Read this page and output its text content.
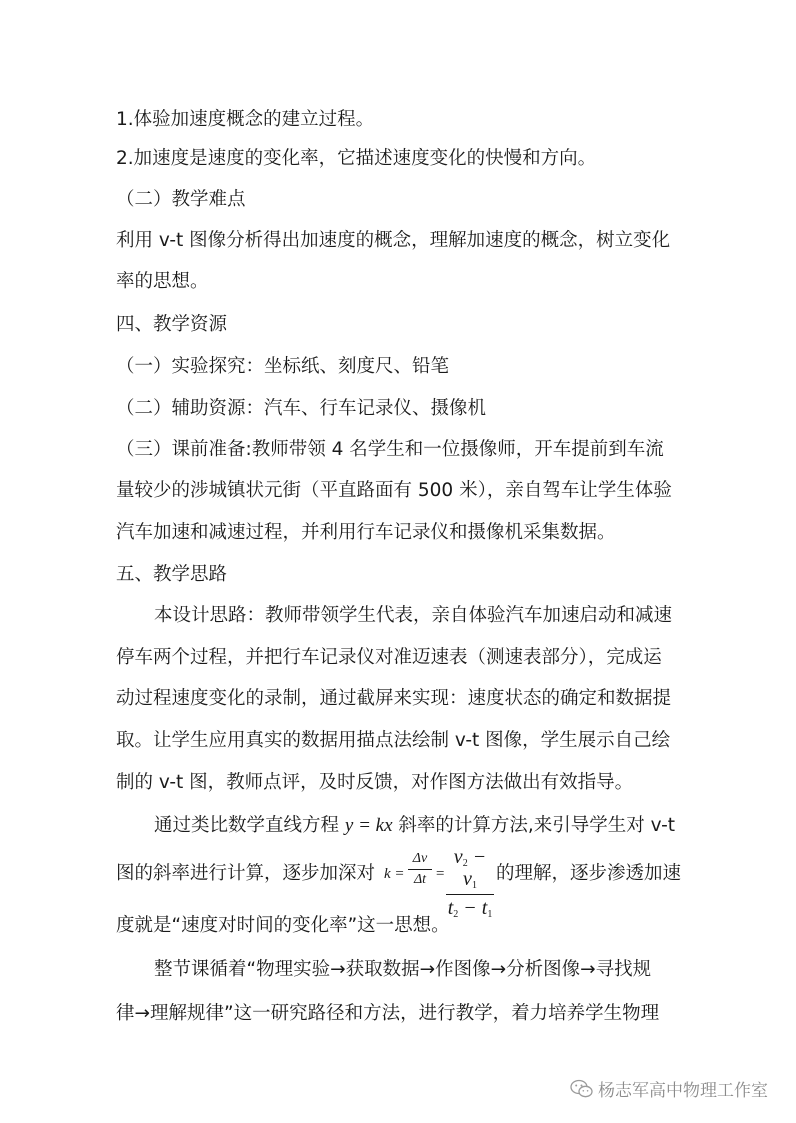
1.体验加速度概念的建立过程。
2.加速度是速度的变化率，它描述速度变化的快慢和方向。
（二）教学难点
利用 v-t 图像分析得出加速度的概念，理解加速度的概念，树立变化
率的思想。
四、教学资源
（一）实验探究：坐标纸、刻度尺、铅笔
（二）辅助资源：汽车、行车记录仪、摄像机
（三）课前准备:教师带领 4 名学生和一位摄像师，开车提前到车流
量较少的涉城镇状元街（平直路面有 500 米），亲自驾车让学生体验
汽车加速和减速过程，并利用行车记录仪和摄像机采集数据。
五、教学思路
本设计思路：教师带领学生代表，亲自体验汽车加速启动和减速
停车两个过程，并把行车记录仪对准迈速表（测速表部分），完成运
动过程速度变化的录制，通过截屏来实现：速度状态的确定和数据提
取。让学生应用真实的数据用描点法绘制 v-t 图像，学生展示自己绘
制的 v-t 图，教师点评，及时反馈，对作图方法做出有效指导。
通过类比数学直线方程 y = kx 斜率的计算方法,来引导学生对 v-t
图的斜率进行计算，逐步加深对 k =
Δv
Δt =
$v_2 - v_1$
$t_2 - t_1$
的理解，逐步渗透加速
度就是“速度对时间的变化率”这一思想。
整节课循着“物理实验→获取数据→作图像→分析图像→寻找规
律→理解规律”这一研究路径和方法，进行教学，着力培养学生物理
杨志军高中物理工作室
